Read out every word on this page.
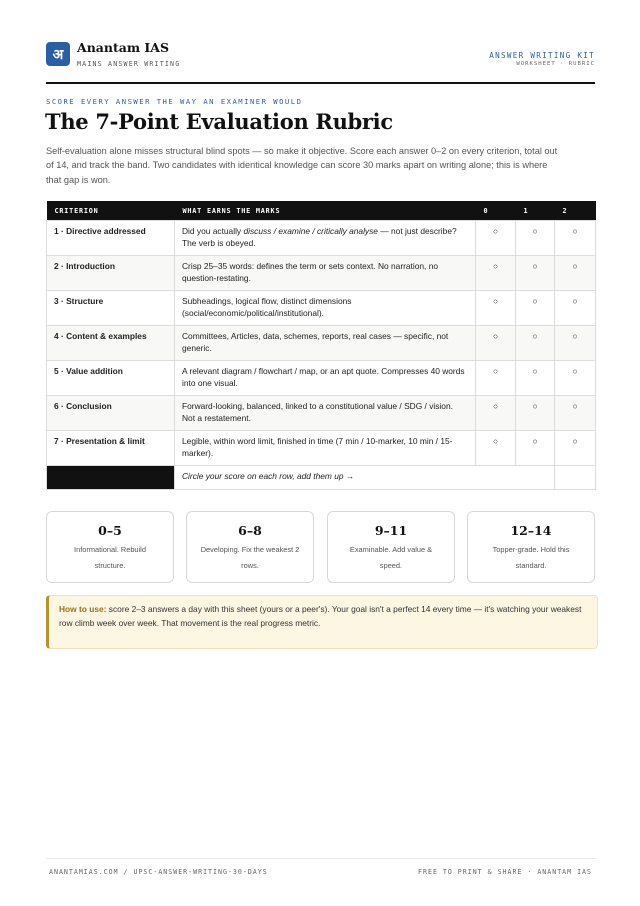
अ	Anantam IAS
MAINS ANSWER WRITING
ANSWER WRITING KIT
WORKSHEET · RUBRIC
SCORE EVERY ANSWER THE WAY AN EXAMINER WOULD
The 7-Point Evaluation Rubric
Self-evaluation alone misses structural blind spots — so make it objective. Score each answer 0–2 on every criterion, total out of 14, and track the band. Two candidates with identical knowledge can score 30 marks apart on writing alone; this is where that gap is won.
CRITERION	WHAT EARNS THE MARKS	0	1	2
1 · Directive addressed	Did you actually discuss / examine / critically analyse — not just describe? The verb is obeyed.	○	○	○
2 · Introduction	Crisp 25–35 words: defines the term or sets context. No narration, no question-restating.	○	○	○
3 · Structure	Subheadings, logical flow, distinct dimensions (social/economic/political/institutional).	○	○	○
4 · Content & examples	Committees, Articles, data, schemes, reports, real cases — specific, not generic.	○	○	○
5 · Value addition	A relevant diagram / flowchart / map, or an apt quote. Compresses 40 words into one visual.	○	○	○
6 · Conclusion	Forward-looking, balanced, linked to a constitutional value / SDG / vision. Not a restatement.	○	○	○
7 · Presentation & limit	Legible, within word limit, finished in time (7 min / 10-marker, 10 min / 15-marker).	○	○	○
	Circle your score on each row, add them up →			
0–5
Informational. Rebuild structure.
6–8
Developing. Fix the weakest 2 rows.
9–11
Examinable. Add value & speed.
12–14
Topper-grade. Hold this standard.
How to use: score 2–3 answers a day with this sheet (yours or a peer's). Your goal isn't a perfect 14 every time — it's watching your weakest row climb week over week. That movement is the real progress metric.
ANANTAMIAS.COM / UPSC-ANSWER-WRITING-30-DAYS	FREE TO PRINT & SHARE · ANANTAM IAS
